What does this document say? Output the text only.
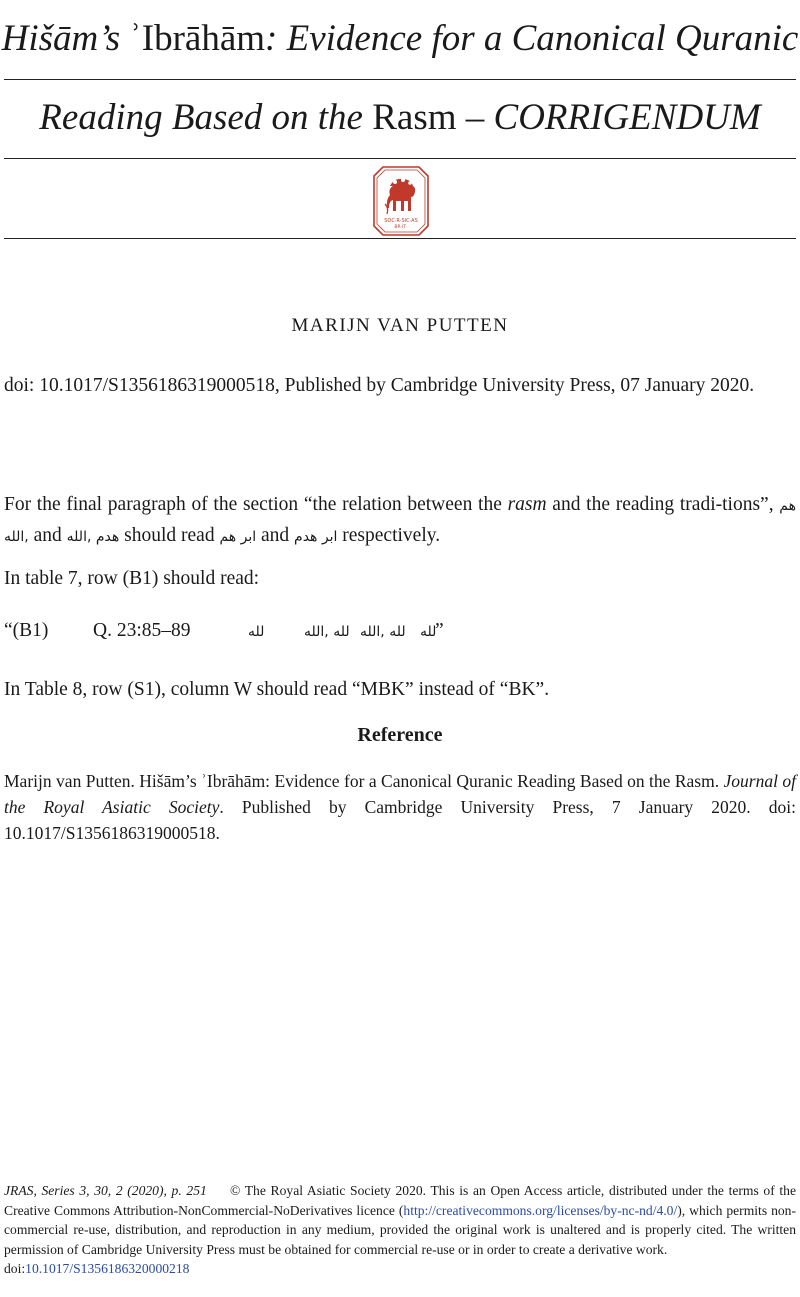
Hišām’s ʾIbrāhām: Evidence for a Canonical Quranic
Reading Based on the Rasm – CORRIGENDUM
SOC·R·SIC·AS
BR·IT·
MARIJN VAN PUTTEN
doi: 10.1017/S1356186319000518, Published by Cambridge University Press, 07 January 2020.
For the final paragraph of the section “the relation between the rasm and the reading tradi-tions”, هم ,الله and هدم ,الله should read ابر هم and ابر هدم respectively.
In table 7, row (B1) should read:
“(B1) Q. 23:85–89	لله	لله ,الله لله ,الله لله
”
In Table 8, row (S1), column W should read “MBK” instead of “BK”.
Reference
Marijn van Putten. Hišām’s ʾIbrāhām: Evidence for a Canonical Quranic Reading Based on the Rasm. Journal of the Royal Asiatic Society. Published by Cambridge University Press, 7 January 2020. doi: 10.1017/S1356186319000518.
JRAS, Series 3, 30, 2 (2020), p. 251 © The Royal Asiatic Society 2020. This is an Open Access article, distributed under the terms of the Creative Commons Attribution-NonCommercial-NoDerivatives licence (http://creativecommons.org/licenses/by-nc-nd/4.0/), which permits non-commercial re-use, distribution, and reproduction in any medium, provided the original work is unaltered and is properly cited. The written permission of Cambridge University Press must be obtained for commercial re-use or in order to create a derivative work.
doi:10.1017/S1356186320000218
